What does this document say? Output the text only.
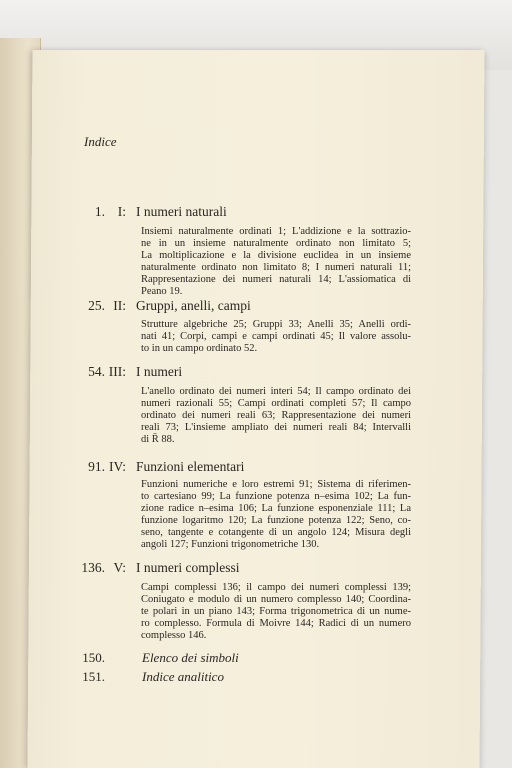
Indice
1. I: I numeri naturali
Insiemi naturalmente ordinati 1; L'addizione e la sottrazio-
ne in un insieme naturalmente ordinato non limitato 5;
La moltiplicazione e la divisione euclidea in un insieme
naturalmente ordinato non limitato 8; I numeri naturali 11;
Rappresentazione dei numeri naturali 14; L'assiomatica di
Peano 19.
25. II: Gruppi, anelli, campi
Strutture algebriche 25; Gruppi 33; Anelli 35; Anelli ordi-
nati 41; Corpi, campi e campi ordinati 45; Il valore assolu-
to in un campo ordinato 52.
54. III: I numeri
L'anello ordinato dei numeri interi 54; Il campo ordinato dei
numeri razionali 55; Campi ordinati completi 57; Il campo
ordinato dei numeri reali 63; Rappresentazione dei numeri
reali 73; L'insieme ampliato dei numeri reali 84; Intervalli
di R̄ 88.
91. IV: Funzioni elementari
Funzioni numeriche e loro estremi 91; Sistema di riferimen-
to cartesiano 99; La funzione potenza n–esima 102; La fun-
zione radice n–esima 106; La funzione esponenziale 111; La
funzione logaritmo 120; La funzione potenza 122; Seno, co-
seno, tangente e cotangente di un angolo 124; Misura degli
angoli 127; Funzioni trigonometriche 130.
136. V: I numeri complessi
Campi complessi 136; il campo dei numeri complessi 139;
Coniugato e modulo di un numero complesso 140; Coordina-
te polari in un piano 143; Forma trigonometrica di un nume-
ro complesso. Formula di Moivre 144; Radici di un numero
complesso 146.
150.	Elenco dei simboli
151.	Indice analitico
